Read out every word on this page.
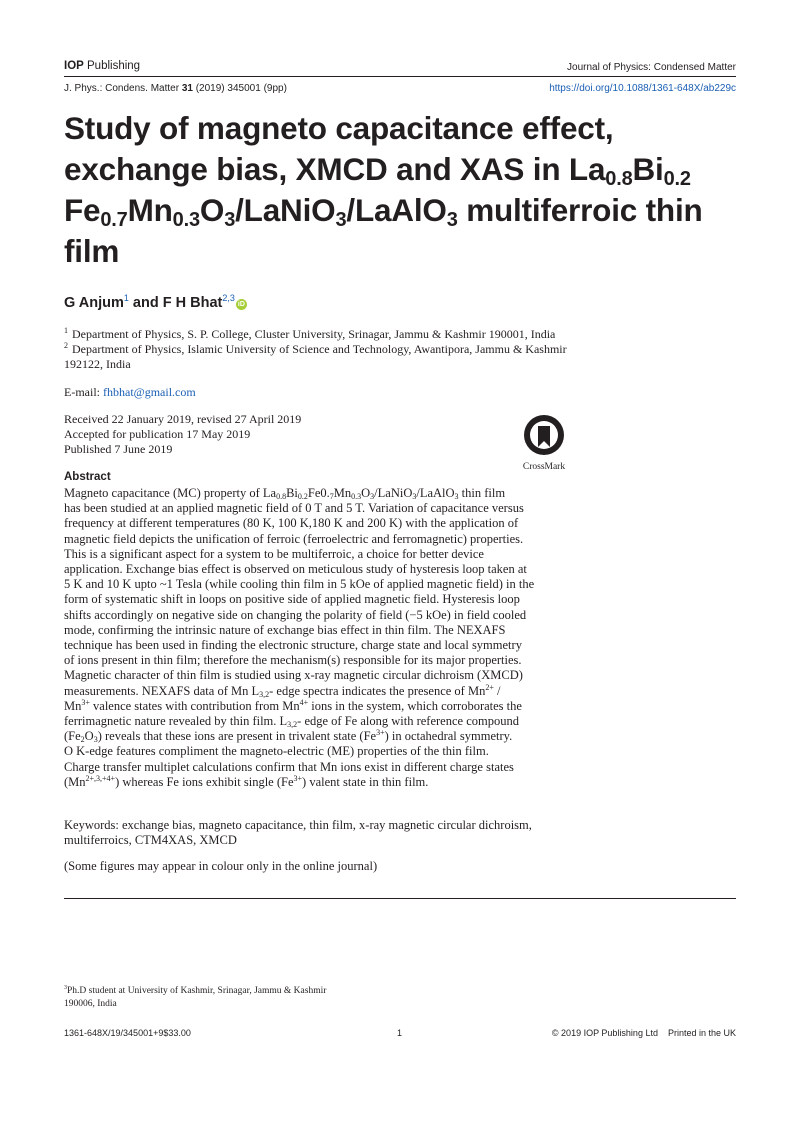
IOP Publishing	Journal of Physics: Condensed Matter
J. Phys.: Condens. Matter 31 (2019) 345001 (9pp)	https://doi.org/10.1088/1361-648X/ab229c
Study of magneto capacitance effect,
exchange bias, XMCD and XAS in $La_{0.8}Bi_{0.2}$
$Fe_{0.7}Mn_{0.3}O_3/LaNiO_3/LaAlO_3$ multiferroic thin
film
G Anjum$^1$ and F H Bhat$^{2,3}$iD
$^1$ Department of Physics, S. P. College, Cluster University, Srinagar, Jammu & Kashmir 190001, India
$^2$ Department of Physics, Islamic University of Science and Technology, Awantipora, Jammu & Kashmir
192122, India
E-mail: fhbhat@gmail.com
Received 22 January 2019, revised 27 April 2019
Accepted for publication 17 May 2019
Published 7 June 2019
CrossMark
Abstract
Magneto capacitance (MC) property of $La_{0.8}Bi_{0.2}Fe0._7Mn_{0.3}O_3/LaNiO_3/LaAlO_3$ thin film
has been studied at an applied magnetic field of 0 T and 5 T. Variation of capacitance versus
frequency at different temperatures (80 K, 100 K,180 K and 200 K) with the application of
magnetic field depicts the unification of ferroic (ferroelectric and ferromagnetic) properties.
This is a significant aspect for a system to be multiferroic, a choice for better device
application. Exchange bias effect is observed on meticulous study of hysteresis loop taken at
5 K and 10 K upto ~1 Tesla (while cooling thin film in 5 kOe of applied magnetic field) in the
form of systematic shift in loops on positive side of applied magnetic field. Hysteresis loop
shifts accordingly on negative side on changing the polarity of field (−5 kOe) in field cooled
mode, confirming the intrinsic nature of exchange bias effect in thin film. The NEXAFS
technique has been used in finding the electronic structure, charge state and local symmetry
of ions present in thin film; therefore the mechanism(s) responsible for its major properties.
Magnetic character of thin film is studied using x-ray magnetic circular dichroism (XMCD)
measurements. NEXAFS data of Mn $L_{3,2}-$ edge spectra indicates the presence of $Mn^{2+}$ /
$Mn^{3+}$ valence states with contribution from $Mn^{4+}$ ions in the system, which corroborates the
ferrimagnetic nature revealed by thin film. $L_{3,2}-$ edge of Fe along with reference compound
$(Fe_2O_3)$ reveals that these ions are present in trivalent state $(Fe^{3+})$ in octahedral symmetry.
O K-edge features compliment the magneto-electric (ME) properties of the thin film.
Charge transfer multiplet calculations confirm that Mn ions exist in different charge states
$(Mn^{2+,3,+4+})$ whereas Fe ions exhibit single $(Fe^{3+})$ valent state in thin film.
Keywords: exchange bias, magneto capacitance, thin film, x-ray magnetic circular dichroism,
multiferroics, CTM4XAS, XMCD
(Some figures may appear in colour only in the online journal)
$^3$Ph.D student at University of Kashmir, Srinagar, Jammu & Kashmir
190006, India
1361-648X/19/345001+9$33.00	1	© 2019 IOP Publishing Ltd    Printed in the UK
